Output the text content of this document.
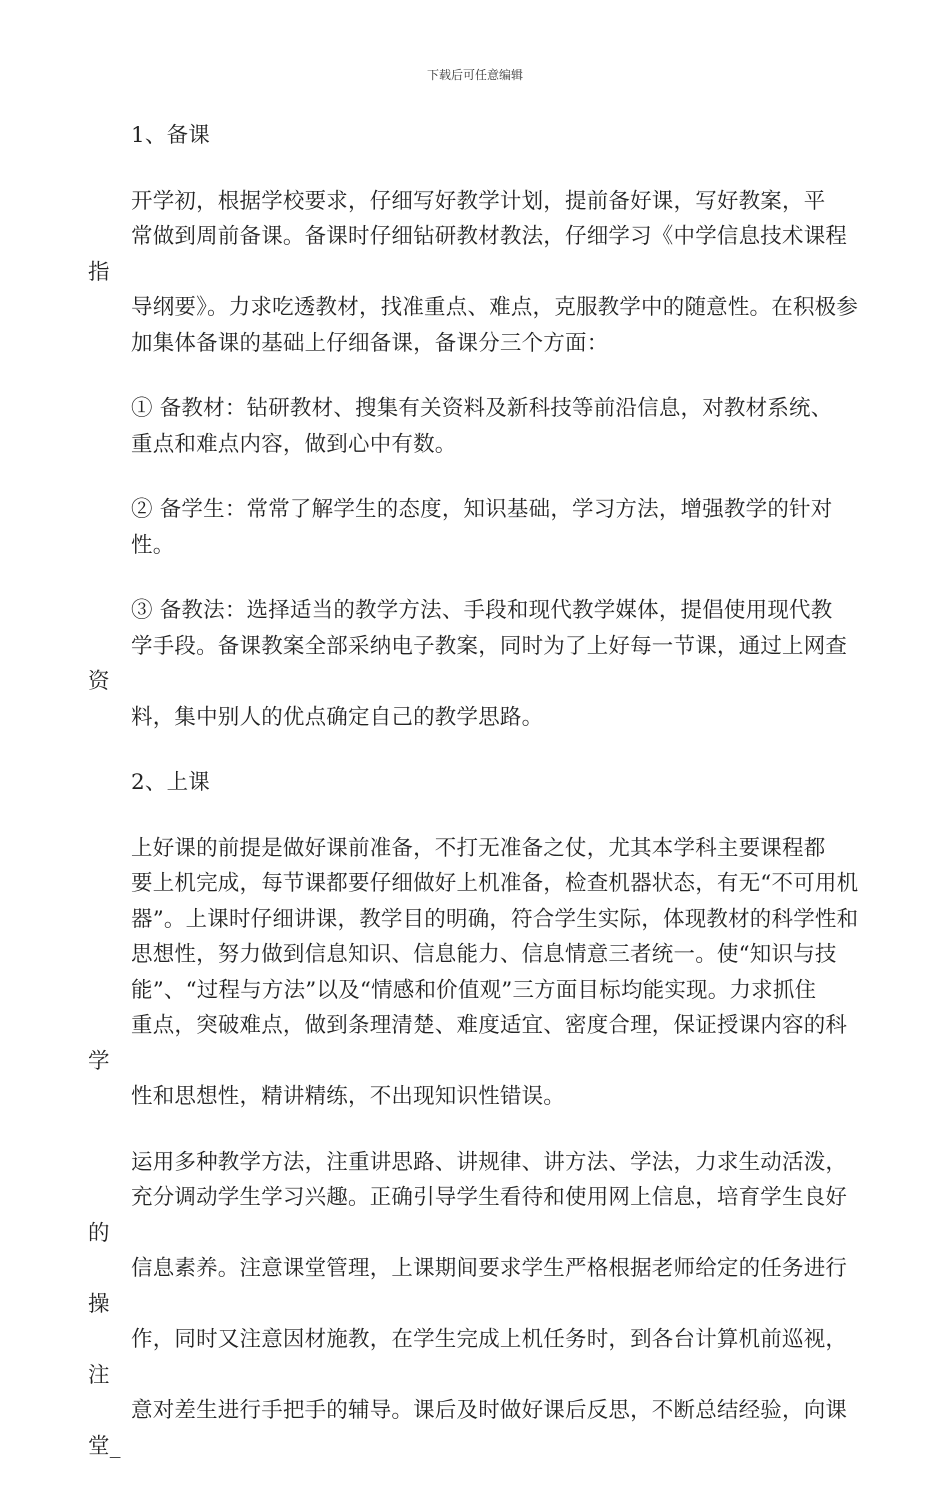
下载后可任意编辑

1、备课

开学初，根据学校要求，仔细写好教学计划，提前备好课，写好教案，平
常做到周前备课。备课时仔细钻研教材教法，仔细学习《中学信息技术课程指
导纲要》。力求吃透教材，找准重点、难点，克服教学中的随意性。在积极参
加集体备课的基础上仔细备课，备课分三个方面：

① 备教材：钻研教材、搜集有关资料及新科技等前沿信息，对教材系统、
重点和难点内容，做到心中有数。

② 备学生：常常了解学生的态度，知识基础，学习方法，增强教学的针对
性。

③ 备教法：选择适当的教学方法、手段和现代教学媒体，提倡使用现代教
学手段。备课教案全部采纳电子教案，同时为了上好每一节课，通过上网查资
料，集中别人的优点确定自己的教学思路。

2、上课

上好课的前提是做好课前准备，不打无准备之仗，尤其本学科主要课程都
要上机完成，每节课都要仔细做好上机准备，检查机器状态，有无“不可用机
器”。上课时仔细讲课，教学目的明确，符合学生实际，体现教材的科学性和
思想性，努力做到信息知识、信息能力、信息情意三者统一。使“知识与技
能”、“过程与方法”以及“情感和价值观”三方面目标均能实现。力求抓住
重点，突破难点，做到条理清楚、难度适宜、密度合理，保证授课内容的科学
性和思想性，精讲精练，不出现知识性错误。

运用多种教学方法，注重讲思路、讲规律、讲方法、学法，力求生动活泼，
充分调动学生学习兴趣。正确引导学生看待和使用网上信息，培育学生良好的
信息素养。注意课堂管理，上课期间要求学生严格根据老师给定的任务进行操
作，同时又注意因材施教，在学生完成上机任务时，到各台计算机前巡视，注
意对差生进行手把手的辅导。课后及时做好课后反思，不断总结经验，向课堂_
